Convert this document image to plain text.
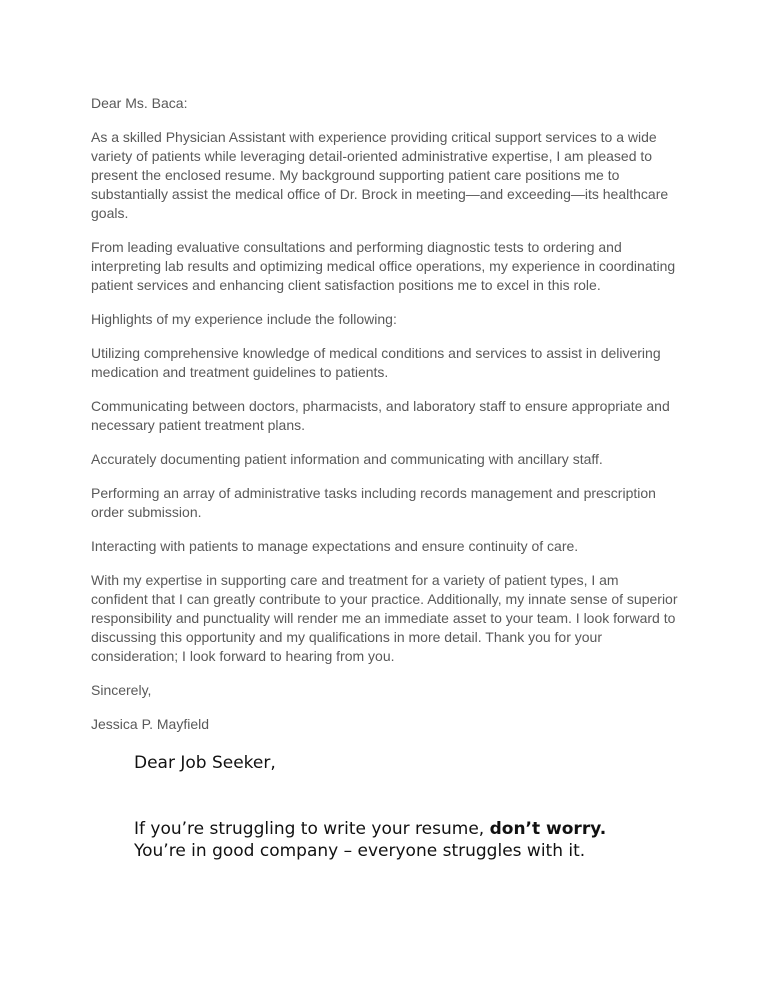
Dear Ms. Baca:

As a skilled Physician Assistant with experience providing critical support services to a wide variety of patients while leveraging detail-oriented administrative expertise, I am pleased to present the enclosed resume. My background supporting patient care positions me to substantially assist the medical office of Dr. Brock in meeting—and exceeding—its healthcare goals.

From leading evaluative consultations and performing diagnostic tests to ordering and interpreting lab results and optimizing medical office operations, my experience in coordinating patient services and enhancing client satisfaction positions me to excel in this role.

Highlights of my experience include the following:

Utilizing comprehensive knowledge of medical conditions and services to assist in delivering medication and treatment guidelines to patients.

Communicating between doctors, pharmacists, and laboratory staff to ensure appropriate and necessary patient treatment plans.

Accurately documenting patient information and communicating with ancillary staff.

Performing an array of administrative tasks including records management and prescription order submission.

Interacting with patients to manage expectations and ensure continuity of care.

With my expertise in supporting care and treatment for a variety of patient types, I am confident that I can greatly contribute to your practice. Additionally, my innate sense of superior responsibility and punctuality will render me an immediate asset to your team. I look forward to discussing this opportunity and my qualifications in more detail. Thank you for your consideration; I look forward to hearing from you.

Sincerely,

Jessica P. Mayfield

Dear Job Seeker,

If you’re struggling to write your resume, don’t worry.
You’re in good company – everyone struggles with it.
